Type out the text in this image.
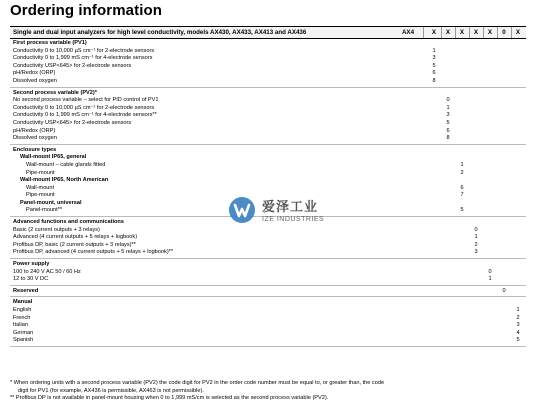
Ordering information
Single and dual input analyzers for high level conductivity, models AX430, AX433, AX413 and AX436	AX4	X	X	X	X	X	0	X
First process variable (PV1)
Conductivity 0 to 10,000 µS cm⁻¹ for 2-electrode sensors	1
Conductivity 0 to 1,999 mS cm⁻¹ for 4-electrode sensors	3
Conductivity USP<645> for 2-electrode sensors	5
pH/Redox (ORP)	6
Dissolved oxygen	8
Second process variable (PV2)*
No second process variable – select for PID control of PV1	0
Conductivity 0 to 10,000 µS cm⁻¹ for 2-electrode sensors	1
Conductivity 0 to 1,999 mS cm⁻¹ for 4-electrode sensors**	3
Conductivity USP<645> for 2-electrode sensors	5
pH/Redox (ORP)	6
Dissolved oxygen	8
Enclosure types
Wall-mount IP65, general
Wall-mount – cable glands fitted	1
Pipe-mount	2
Wall-mount IP65, North American
Wall-mount	6
Pipe-mount	7
Panel-mount, universal
Panel-mount**	5
Advanced functions and communications
Basic (2 current outputs + 3 relays)	0
Advanced (4 current outputs + 5 relays + logbook)	1
Profibus DP, basic (2 current outputs + 3 relays)**	2
Profibus DP, advanced (4 current outputs + 5 relays + logbook)**	3
Power supply
100 to 240 V AC 50 / 60 Hz	0
12 to 30 V DC	1
Reserved	0
Manual
English	1
French	2
Italian	3
German	4
Spanish	5
* When ordering units with a second process variable (PV2) the code digit for PV2 in the order code number must be equal to, or greater than, the code
digit for PV1 (for example, AX436 is permissible, AX463 is not permissible).
** Profibus DP is not available in panel-mount housing when 0 to 1,999 mS/cm is selected as the second process variable (PV2).
爱泽工业
IZE INDUSTRIES
